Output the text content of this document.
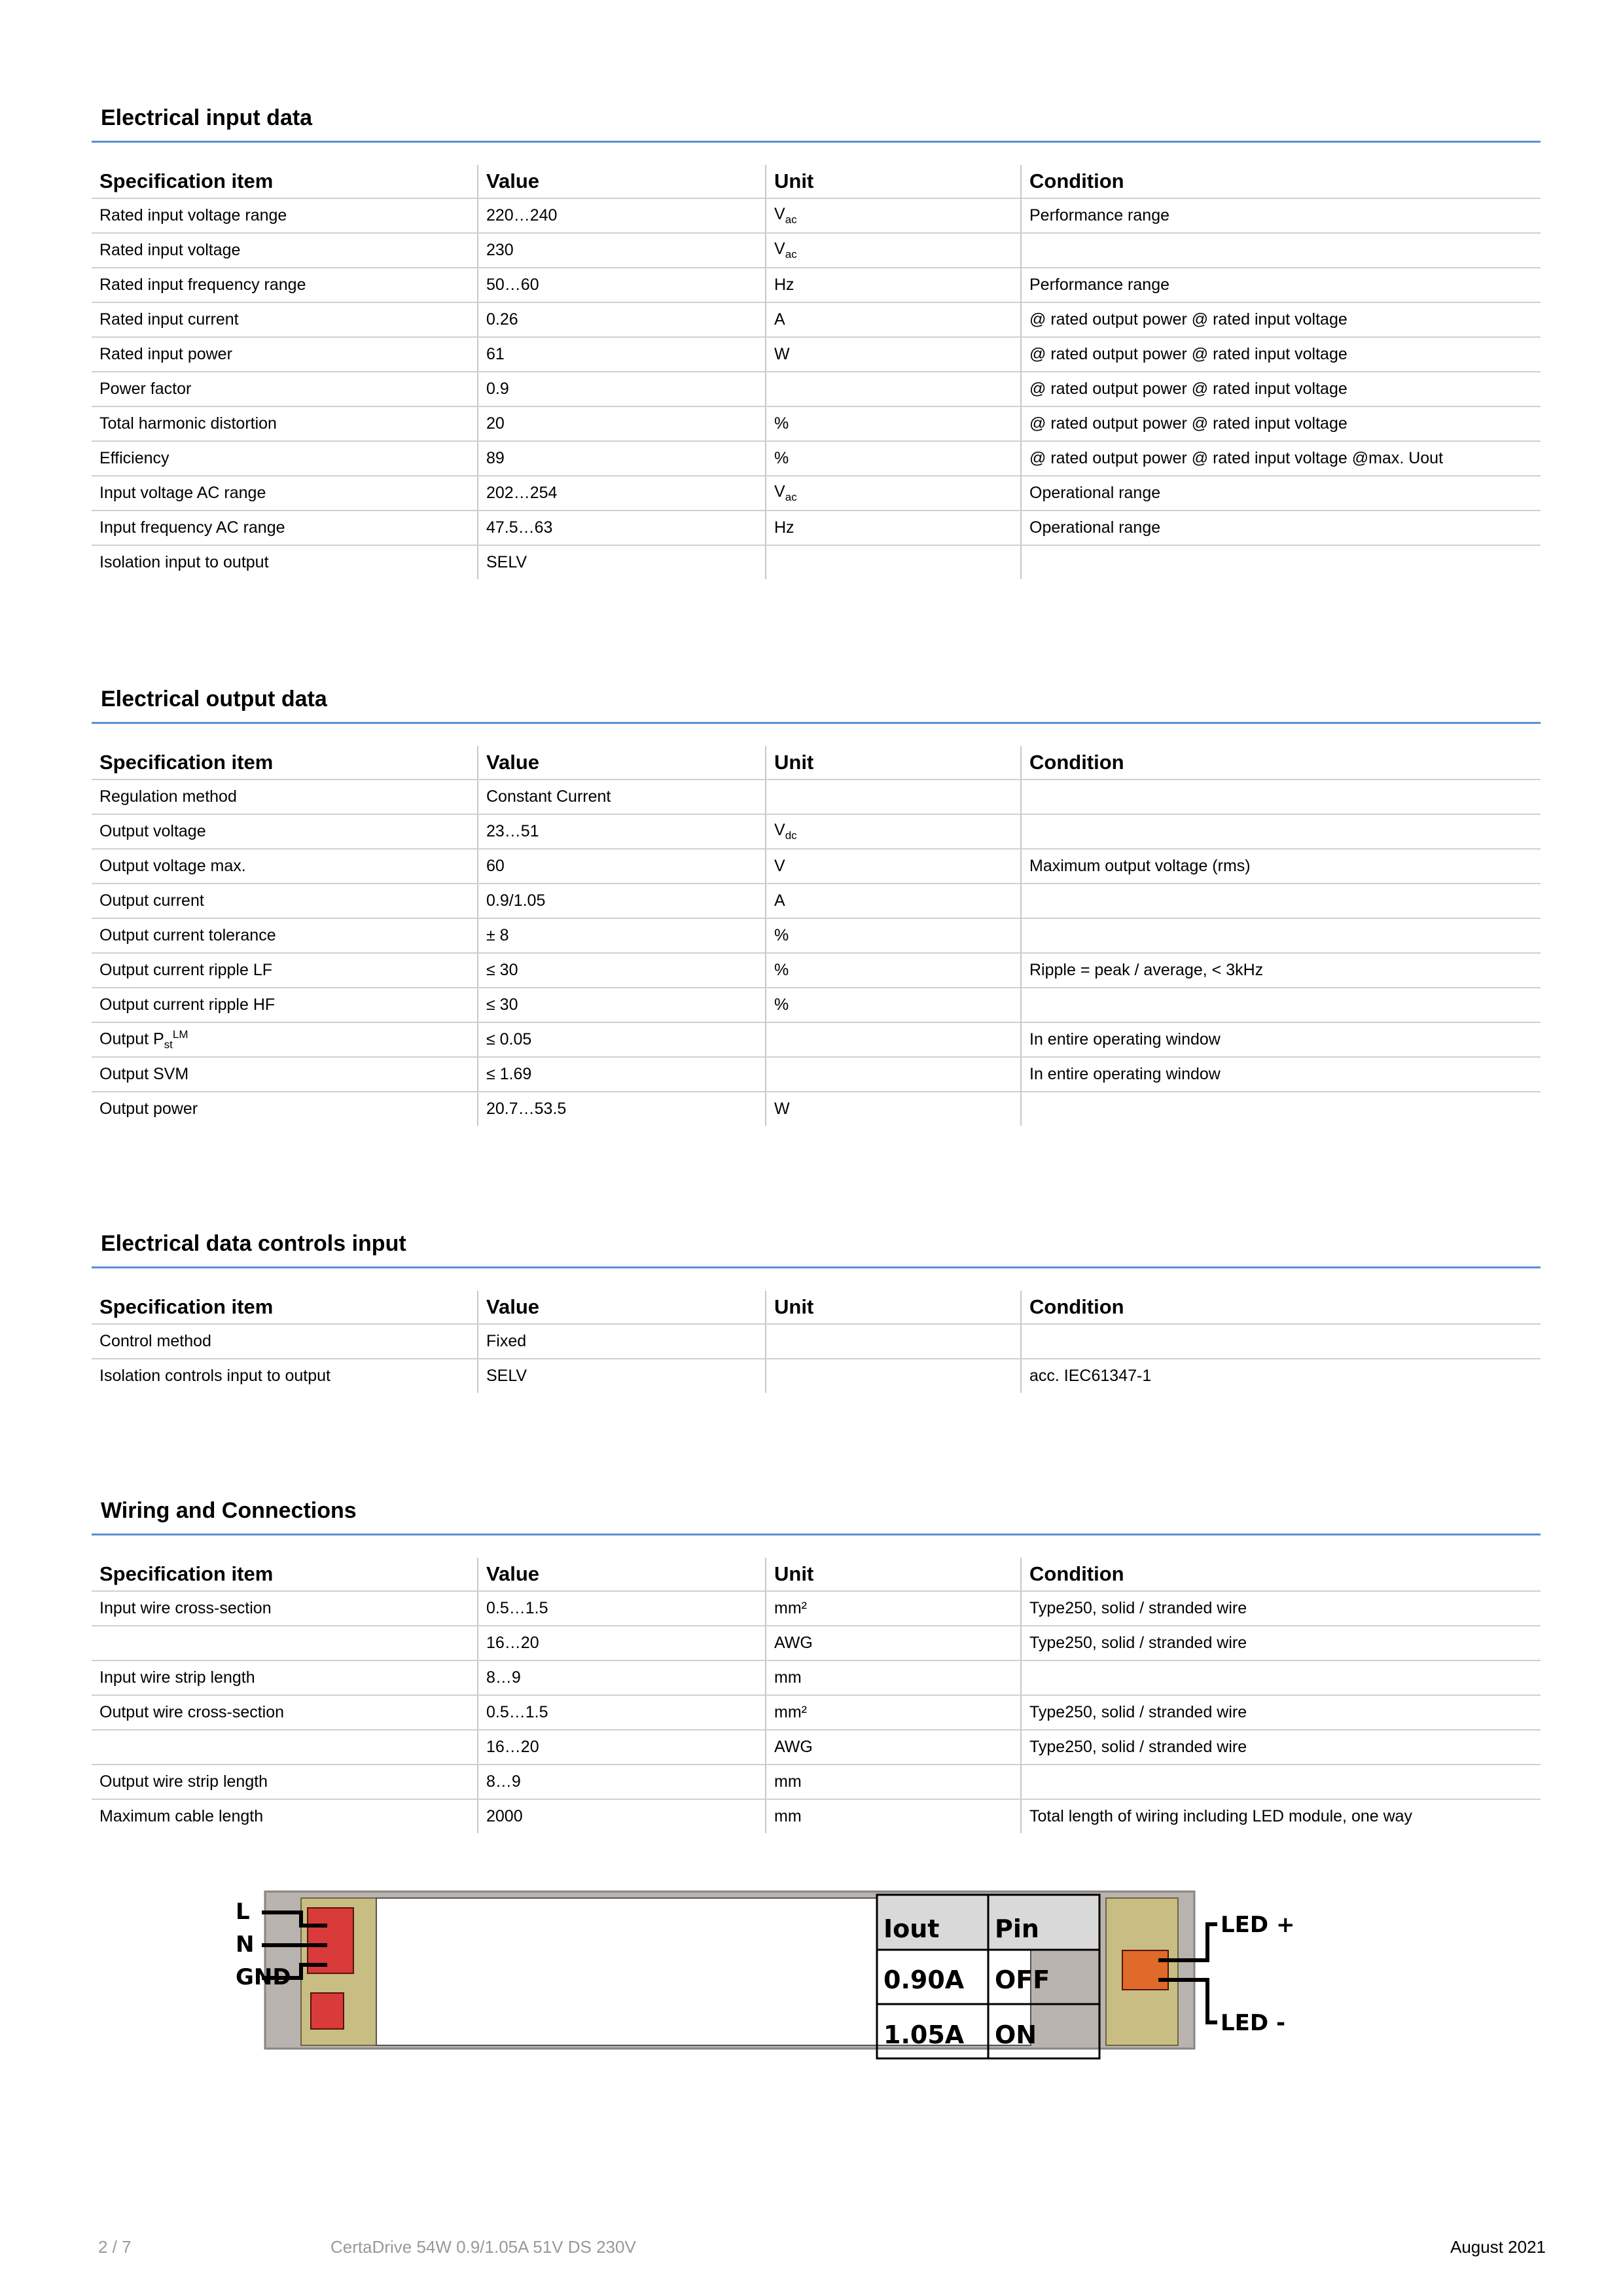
Electrical input data
Specification item	Value	Unit	Condition
Rated input voltage range	220…240	$V_{ac}$	Performance range
Rated input voltage	230	$V_{ac}$	
Rated input frequency range	50…60	Hz	Performance range
Rated input current	0.26	A	@ rated output power @ rated input voltage
Rated input power	61	W	@ rated output power @ rated input voltage
Power factor	0.9		@ rated output power @ rated input voltage
Total harmonic distortion	20	%	@ rated output power @ rated input voltage
Efficiency	89	%	@ rated output power @ rated input voltage @max. Uout
Input voltage AC range	202…254	$V_{ac}$	Operational range
Input frequency AC range	47.5…63	Hz	Operational range
Isolation input to output	SELV		
Electrical output data
Specification item	Value	Unit	Condition
Regulation method	Constant Current		
Output voltage	23…51	$V_{dc}$	
Output voltage max.	60	V	Maximum output voltage (rms)
Output current	0.9/1.05	A	
Output current tolerance	± 8	%	
Output current ripple LF	≤ 30	%	Ripple = peak / average, < 3kHz
Output current ripple HF	≤ 30	%	
Output $P_{st}^{LM}$	≤ 0.05		In entire operating window
Output SVM	≤ 1.69		In entire operating window
Output power	20.7…53.5	W	
Electrical data controls input
Specification item	Value	Unit	Condition
Control method	Fixed		
Isolation controls input to output	SELV		acc. IEC61347-1
Wiring and Connections
Specification item	Value	Unit	Condition
Input wire cross-section	0.5…1.5	mm²	Type250, solid / stranded wire
	16…20	AWG	Type250, solid / stranded wire
Input wire strip length	8…9	mm	
Output wire cross-section	0.5…1.5	mm²	Type250, solid / stranded wire
	16…20	AWG	Type250, solid / stranded wire
Output wire strip length	8…9	mm	
Maximum cable length	2000	mm	Total length of wiring including LED module, one way
L
N
GND
LED +
LED -
Iout Pin
0.90A OFF
1.05A ON
2 / 7	CertaDrive 54W 0.9/1.05A 51V DS 230V	August 2021
